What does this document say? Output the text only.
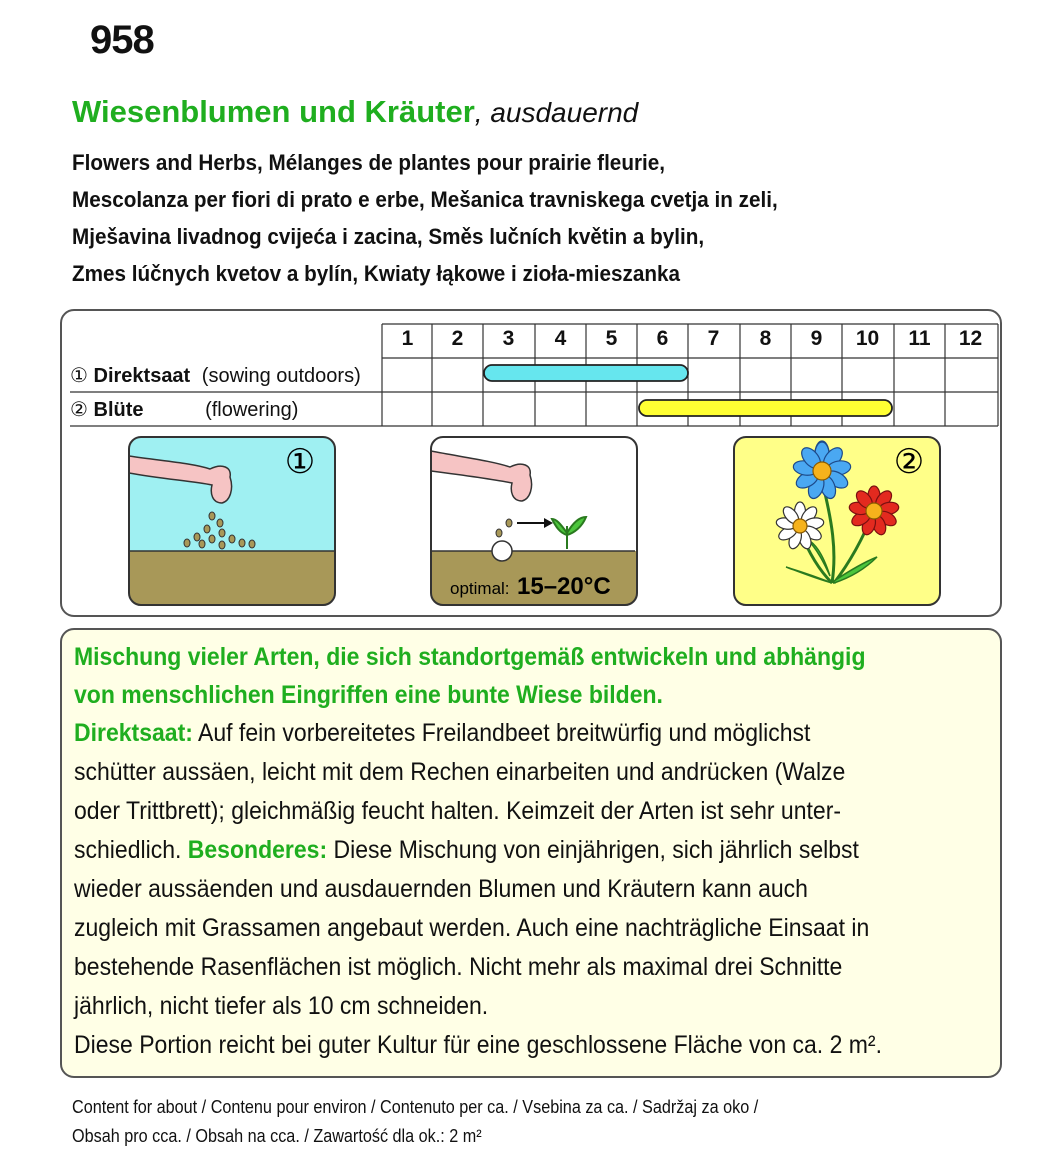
958
Wiesenblumen und Kräuter, ausdauernd
Flowers and Herbs, Mélanges de plantes pour prairie fleurie,
Mescolanza per fiori di prato e erbe, Mešanica travniskega cvetja in zeli,
Mješavina livadnog cvijeća i zacina, Směs lučních květin a bylin,
Zmes lúčnych kvetov a bylín, Kwiaty łąkowe i zioła-mieszanka
①
optimal: 15–20°C
②
1	2	3	4	5	6	7	8	9	10	11	12
① Direktsaat (sowing outdoors)
② Blüte	(flowering)
Mischung vieler Arten, die sich standortgemäß entwickeln und abhängig
von menschlichen Eingriffen eine bunte Wiese bilden.
Direktsaat: Auf fein vorbereitetes Freilandbeet breitwürfig und möglichst
schütter aussäen, leicht mit dem Rechen einarbeiten und andrücken (Walze
oder Trittbrett); gleichmäßig feucht halten. Keimzeit der Arten ist sehr unter-
schiedlich. Besonderes: Diese Mischung von einjährigen, sich jährlich selbst
wieder aussäenden und ausdauernden Blumen und Kräutern kann auch
zugleich mit Grassamen angebaut werden. Auch eine nachträgliche Einsaat in
bestehende Rasenflächen ist möglich. Nicht mehr als maximal drei Schnitte
jährlich, nicht tiefer als 10 cm schneiden.
Diese Portion reicht bei guter Kultur für eine geschlossene Fläche von ca. 2 m².
Content for about / Contenu pour environ / Contenuto per ca. / Vsebina za ca. / Sadržaj za oko /
Obsah pro cca. / Obsah na cca. / Zawartość dla ok.: 2 m²
